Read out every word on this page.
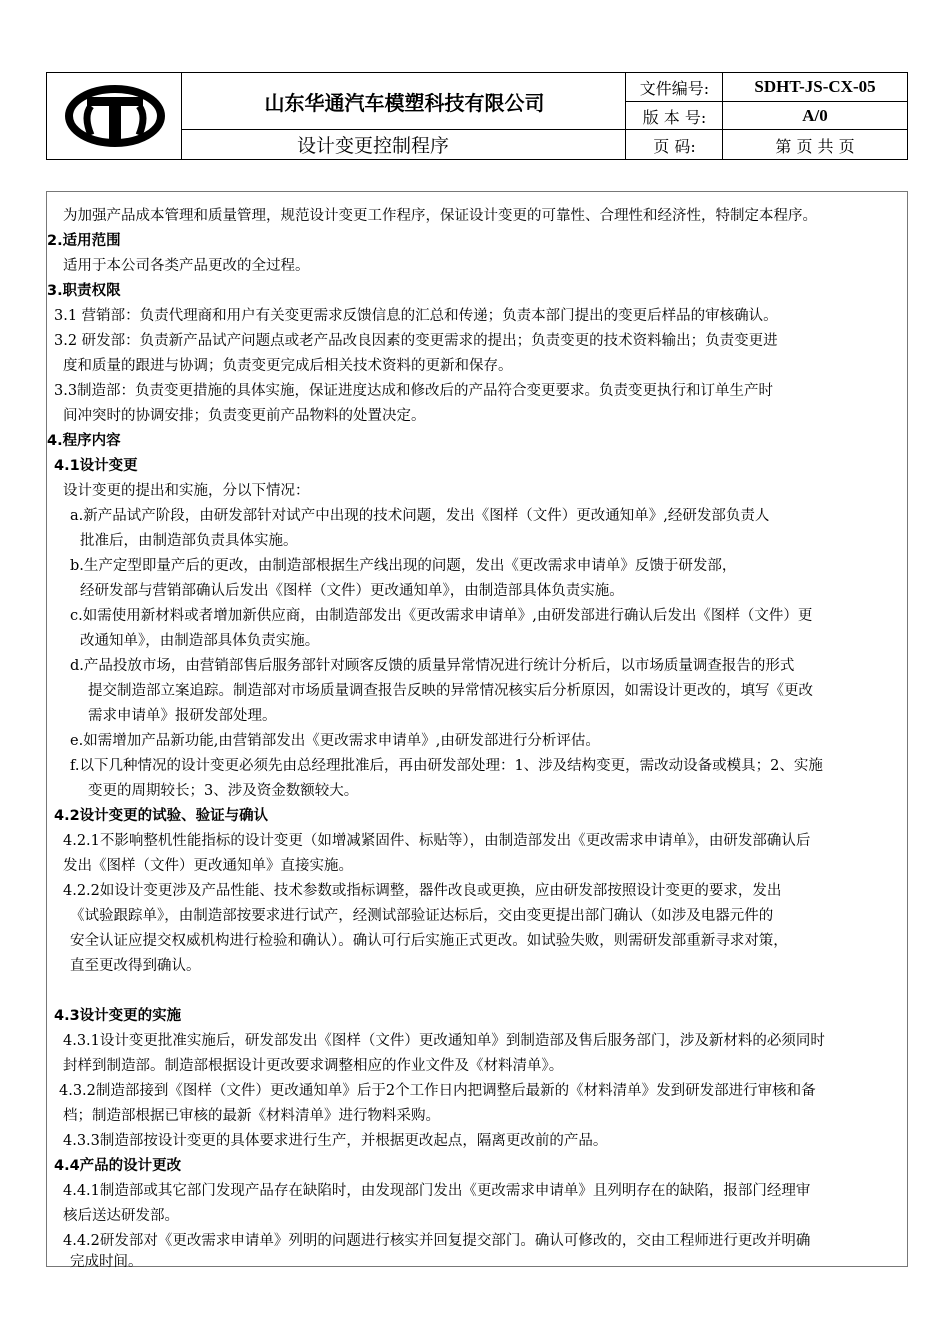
山东华通汽车模塑科技有限公司
设计变更控制程序
文件编号:	SDHT-JS-CX-05
版 本 号:	A/0
页 码:	第 页 共 页
为加强产品成本管理和质量管理，规范设计变更工作程序，保证设计变更的可靠性、合理性和经济性，特制定本程序。
2.适用范围
适用于本公司各类产品更改的全过程。
3.职责权限
3.1 营销部：负责代理商和用户有关变更需求反馈信息的汇总和传递；负责本部门提出的变更后样品的审核确认。
3.2 研发部：负责新产品试产问题点或老产品改良因素的变更需求的提出；负责变更的技术资料输出；负责变更进
度和质量的跟进与协调；负责变更完成后相关技术资料的更新和保存。
3.3制造部：负责变更措施的具体实施，保证进度达成和修改后的产品符合变更要求。负责变更执行和订单生产时
间冲突时的协调安排；负责变更前产品物料的处置决定。
4.程序内容
4.1设计变更
设计变更的提出和实施，分以下情况：
a.新产品试产阶段，由研发部针对试产中出现的技术问题，发出《图样（文件）更改通知单》,经研发部负责人
批准后，由制造部负责具体实施。
b.生产定型即量产后的更改，由制造部根据生产线出现的问题，发出《更改需求申请单》反馈于研发部，
经研发部与营销部确认后发出《图样（文件）更改通知单》，由制造部具体负责实施。
c.如需使用新材料或者增加新供应商，由制造部发出《更改需求申请单》,由研发部进行确认后发出《图样（文件）更
改通知单》，由制造部具体负责实施。
d.产品投放市场，由营销部售后服务部针对顾客反馈的质量异常情况进行统计分析后，以市场质量调查报告的形式
提交制造部立案追踪。制造部对市场质量调查报告反映的异常情况核实后分析原因，如需设计更改的，填写《更改
需求申请单》报研发部处理。
e.如需增加产品新功能,由营销部发出《更改需求申请单》,由研发部进行分析评估。
f.以下几种情况的设计变更必须先由总经理批准后，再由研发部处理：1、涉及结构变更，需改动设备或模具；2、实施
变更的周期较长；3、涉及资金数额较大。
4.2设计变更的试验、验证与确认
4.2.1不影响整机性能指标的设计变更（如增减紧固件、标贴等），由制造部发出《更改需求申请单》，由研发部确认后
发出《图样（文件）更改通知单》直接实施。
4.2.2如设计变更涉及产品性能、技术参数或指标调整，器件改良或更换，应由研发部按照设计变更的要求，发出
《试验跟踪单》，由制造部按要求进行试产，经测试部验证达标后，交由变更提出部门确认（如涉及电器元件的
安全认证应提交权威机构进行检验和确认）。确认可行后实施正式更改。如试验失败，则需研发部重新寻求对策，
直至更改得到确认。
4.3设计变更的实施
4.3.1设计变更批准实施后，研发部发出《图样（文件）更改通知单》到制造部及售后服务部门，涉及新材料的必须同时
封样到制造部。制造部根据设计更改要求调整相应的作业文件及《材料清单》。
4.3.2制造部接到《图样（文件）更改通知单》后于2个工作日内把调整后最新的《材料清单》发到研发部进行审核和备
档；制造部根据已审核的最新《材料清单》进行物料采购。
4.3.3制造部按设计变更的具体要求进行生产，并根据更改起点，隔离更改前的产品。
4.4产品的设计更改
4.4.1制造部或其它部门发现产品存在缺陷时，由发现部门发出《更改需求申请单》且列明存在的缺陷，报部门经理审
核后送达研发部。
4.4.2研发部对《更改需求申请单》列明的问题进行核实并回复提交部门。确认可修改的，交由工程师进行更改并明确
完成时间。
